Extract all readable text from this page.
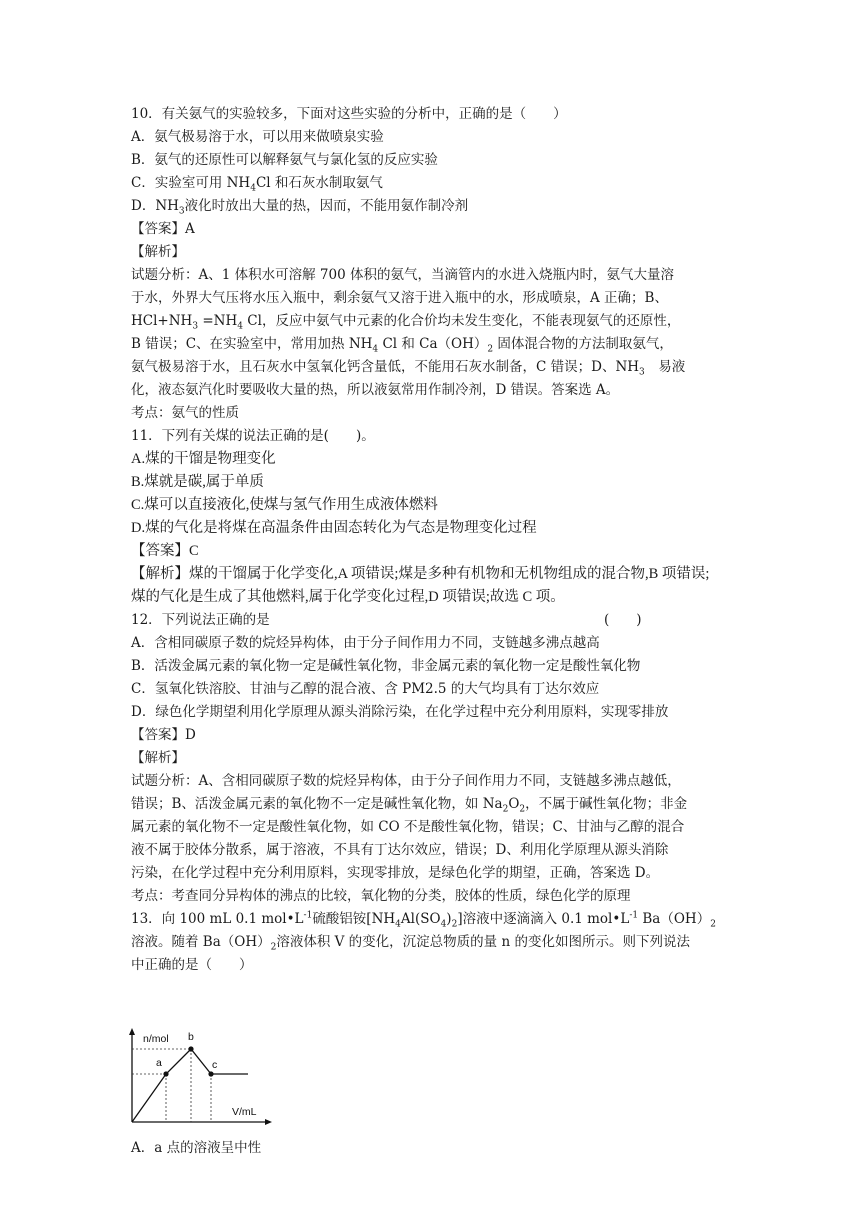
10．有关氨气的实验较多，下面对这些实验的分析中，正确的是（　　）
A．氨气极易溶于水，可以用来做喷泉实验
B．氨气的还原性可以解释氨气与氯化氢的反应实验
C．实验室可用 $NH_4Cl$ 和石灰水制取氨气
D．$NH_3$液化时放出大量的热，因而，不能用氨作制冷剂
【答案】A
【解析】
试题分析：A、1 体积水可溶解 700 体积的氨气，当滴管内的水进入烧瓶内时，氨气大量溶
于水，外界大气压将水压入瓶中，剩余氨气又溶于进入瓶中的水，形成喷泉，A 正确；B、
$HCl+NH_3 =NH_4$ Cl，反应中氨气中元素的化合价均未发生变化，不能表现氨气的还原性，
B 错误；C、在实验室中，常用加热 $NH_4$ Cl 和 $Ca(OH)_2$ 固体混合物的方法制取氨气，
氨气极易溶于水，且石灰水中氢氧化钙含量低，不能用石灰水制备，C 错误；D、$NH_3$　易液
化，液态氨汽化时要吸收大量的热，所以液氨常用作制冷剂，D 错误。答案选 A。
考点：氨气的性质
11．下列有关煤的说法正确的是(　　)。
A.煤的干馏是物理变化
B.煤就是碳,属于单质
C.煤可以直接液化,使煤与氢气作用生成液体燃料
D.煤的气化是将煤在高温条件由固态转化为气态是物理变化过程
【答案】C
【解析】煤的干馏属于化学变化,A 项错误;煤是多种有机物和无机物组成的混合物,B 项错误;
煤的气化是生成了其他燃料,属于化学变化过程,D 项错误;故选 C 项。
12．下列说法正确的是	(　　)
A．含相同碳原子数的烷烃异构体，由于分子间作用力不同，支链越多沸点越高
B．活泼金属元素的氧化物一定是碱性氧化物，非金属元素的氧化物一定是酸性氧化物
C．氢氧化铁溶胶、甘油与乙醇的混合液、含 PM2.5 的大气均具有丁达尔效应
D．绿色化学期望利用化学原理从源头消除污染，在化学过程中充分利用原料，实现零排放
【答案】D
【解析】
试题分析：A、含相同碳原子数的烷烃异构体，由于分子间作用力不同，支链越多沸点越低，
错误；B、活泼金属元素的氧化物不一定是碱性氧化物，如 $Na_2O_2$，不属于碱性氧化物；非金
属元素的氧化物不一定是酸性氧化物，如 CO 不是酸性氧化物，错误；C、甘油与乙醇的混合
液不属于胶体分散系，属于溶液，不具有丁达尔效应，错误；D、利用化学原理从源头消除
污染，在化学过程中充分利用原料，实现零排放，是绿色化学的期望，正确，答案选 D。
考点：考查同分异构体的沸点的比较，氧化物的分类，胶体的性质，绿色化学的原理
13．向 100 mL 0.1 $mol•L^{-1}$硫酸铝铵$[NH_4Al(SO_4)_2]$溶液中逐滴滴入 0.1 $mol•L^{-1}$ $Ba(OH)_2$
溶液。随着 $Ba(OH)_2$溶液体积 V 的变化，沉淀总物质的量 n 的变化如图所示。则下列说法
中正确的是（　　）
n/mol
a
b
c
V/mL
A．a 点的溶液呈中性
